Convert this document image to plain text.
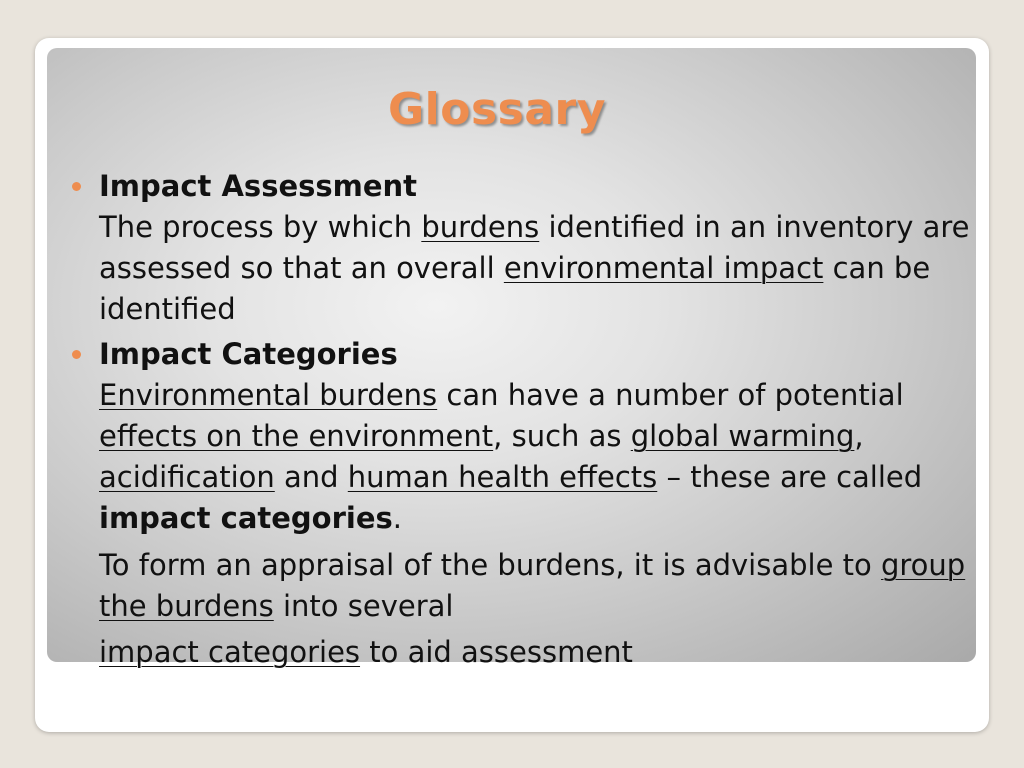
Glossary
Impact Assessment
The process by which burdens identified in an inventory are assessed so that an overall environmental impact can be identified
Impact Categories
Environmental burdens can have a number of potential effects on the environment, such as global warming, acidification and human health effects – these are called impact categories.
To form an appraisal of the burdens, it is advisable to group the burdens into several
impact categories to aid assessment
